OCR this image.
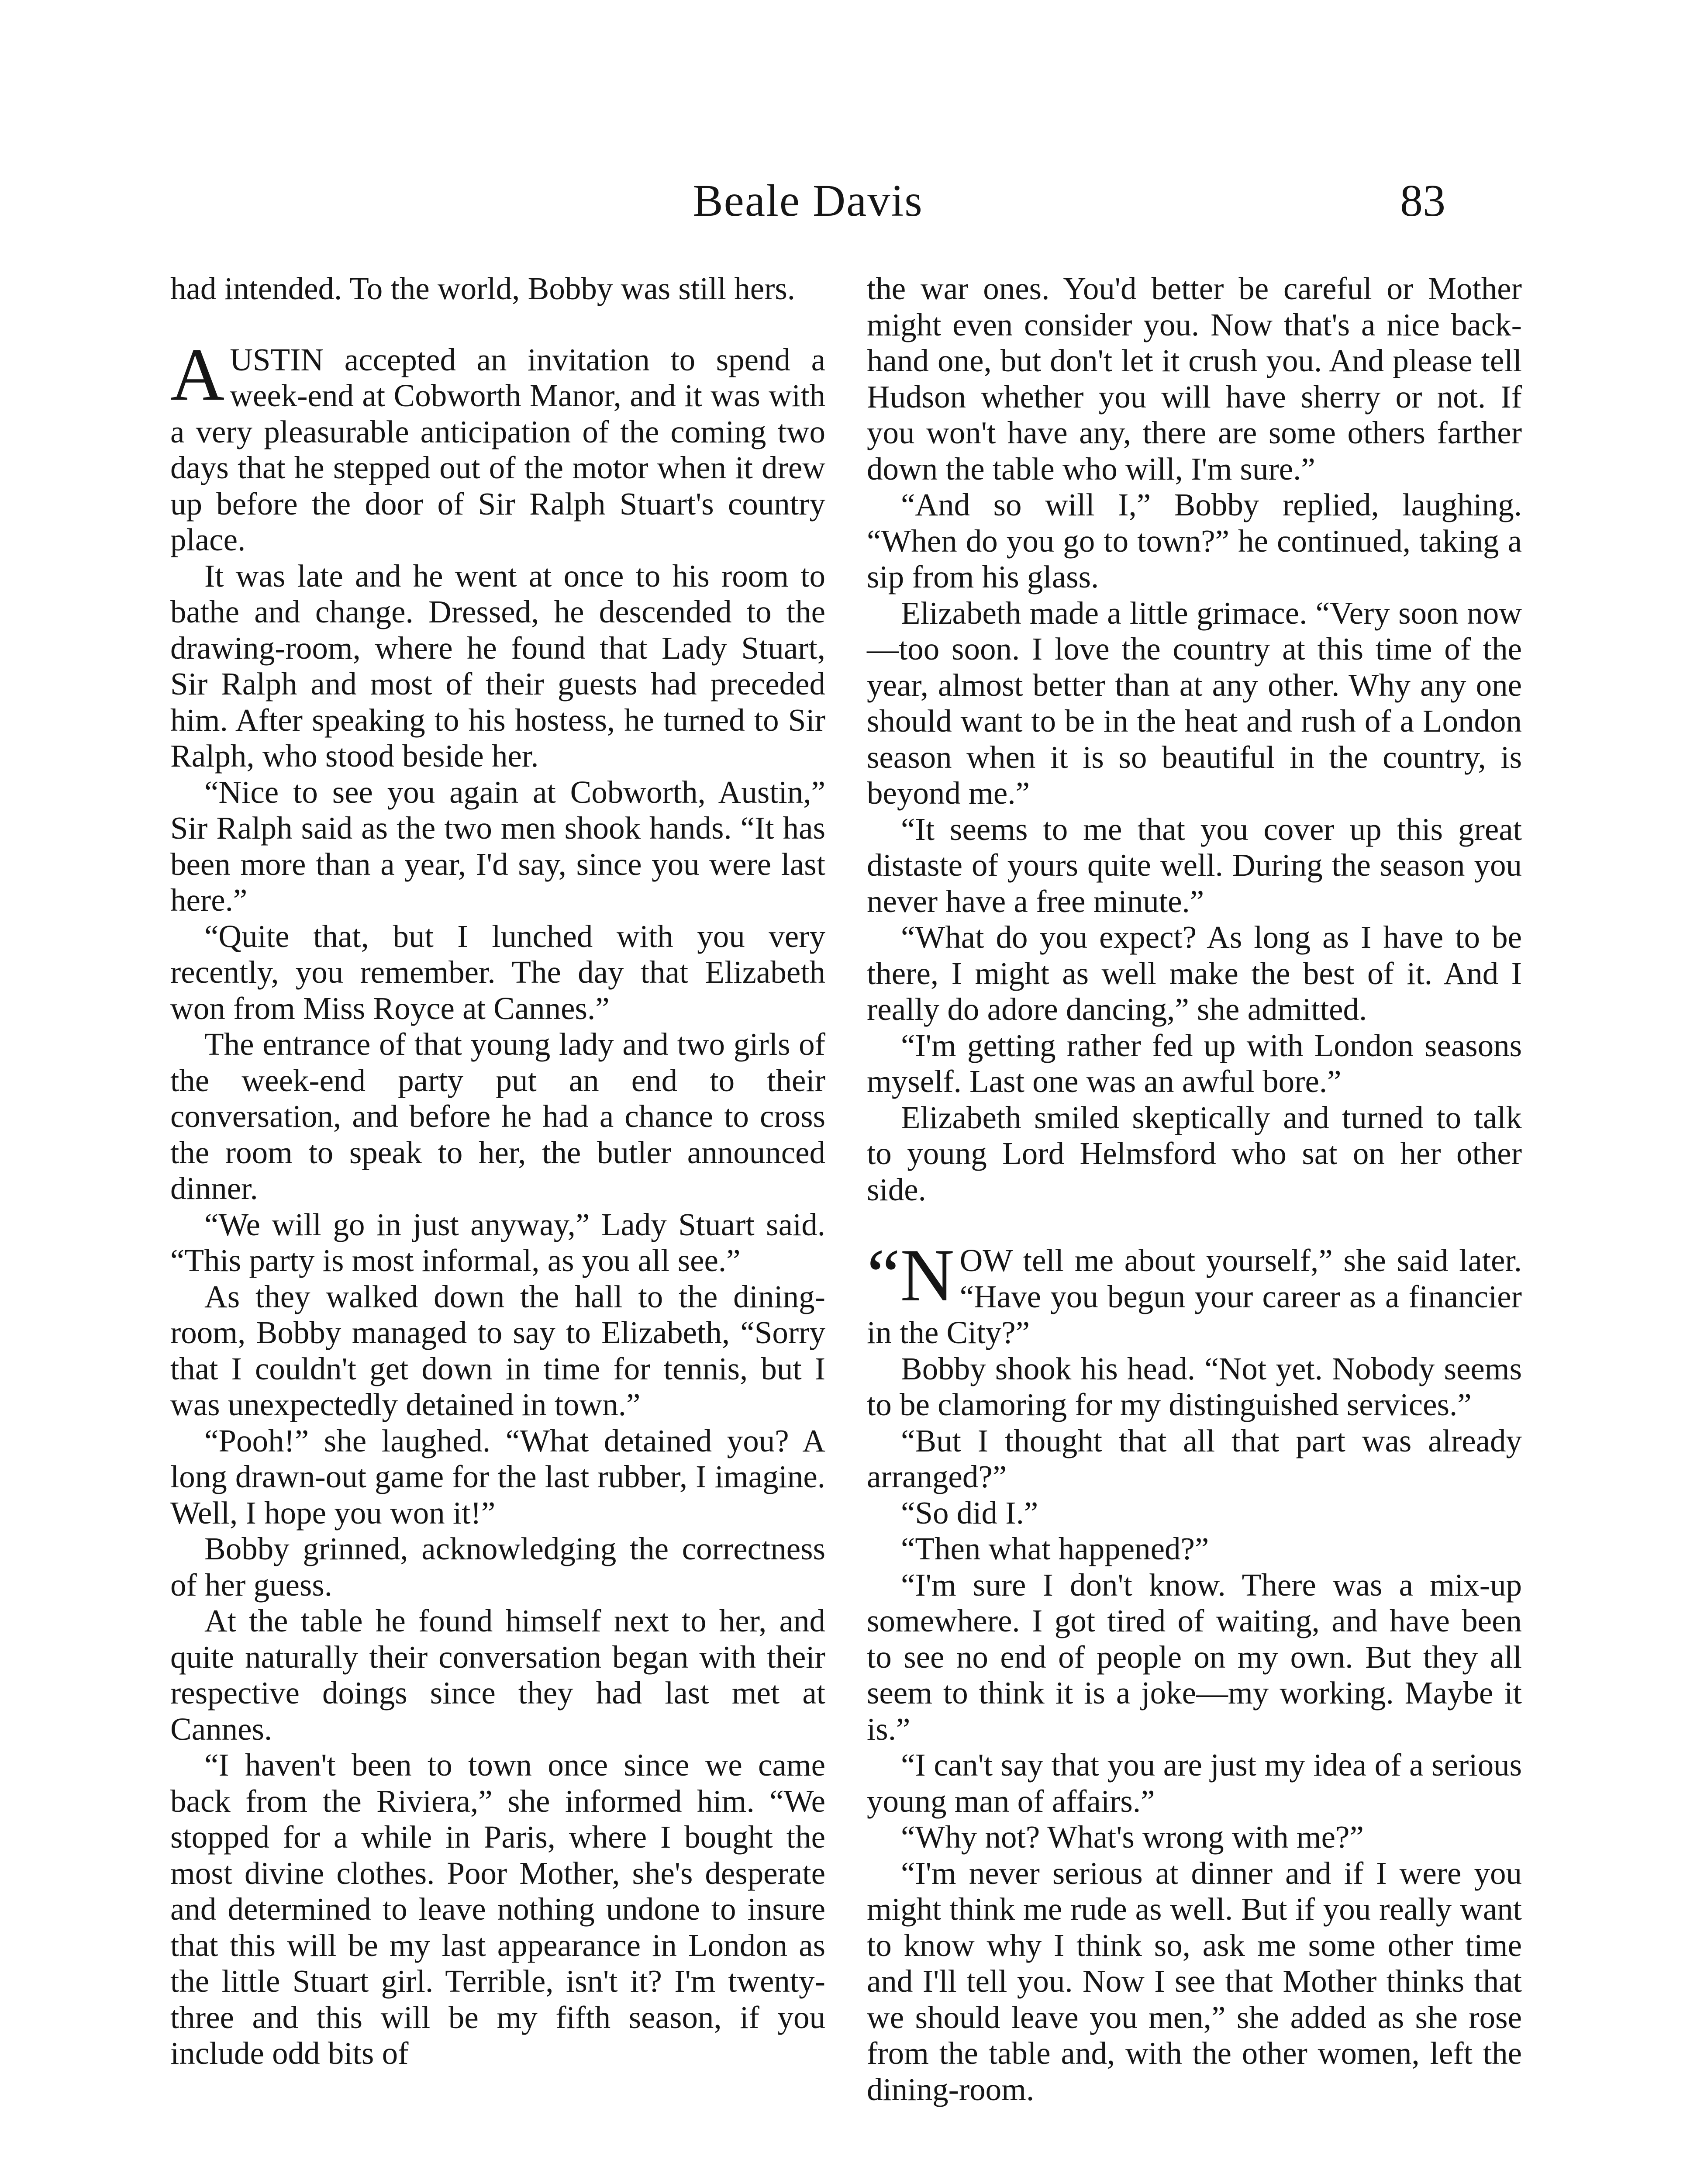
Beale Davis	83

had intended. To the world, Bobby was still hers.

AUSTIN accepted an invitation to spend a week-end at Cobworth Manor, and it was with a very pleasurable anticipation of the coming two days that he stepped out of the motor when it drew up before the door of Sir Ralph Stuart's country place.

It was late and he went at once to his room to bathe and change. Dressed, he descended to the drawing-room, where he found that Lady Stuart, Sir Ralph and most of their guests had preceded him. After speaking to his hostess, he turned to Sir Ralph, who stood beside her.

“Nice to see you again at Cobworth, Austin,” Sir Ralph said as the two men shook hands. “It has been more than a year, I'd say, since you were last here.”

“Quite that, but I lunched with you very recently, you remember. The day that Elizabeth won from Miss Royce at Cannes.”

The entrance of that young lady and two girls of the week-end party put an end to their conversation, and before he had a chance to cross the room to speak to her, the butler announced dinner.

“We will go in just anyway,” Lady Stuart said. “This party is most informal, as you all see.”

As they walked down the hall to the dining-room, Bobby managed to say to Elizabeth, “Sorry that I couldn't get down in time for tennis, but I was unexpectedly detained in town.”

“Pooh!” she laughed. “What detained you? A long drawn-out game for the last rubber, I imagine. Well, I hope you won it!”

Bobby grinned, acknowledging the correctness of her guess.

At the table he found himself next to her, and quite naturally their conversation began with their respective doings since they had last met at Cannes.

“I haven't been to town once since we came back from the Riviera,” she informed him. “We stopped for a while in Paris, where I bought the most divine clothes. Poor Mother, she's desperate and determined to leave nothing undone to insure that this will be my last appearance in London as the little Stuart girl. Terrible, isn't it? I'm twenty-three and this will be my fifth season, if you include odd bits of

the war ones. You'd better be careful or Mother might even consider you. Now that's a nice back-hand one, but don't let it crush you. And please tell Hudson whether you will have sherry or not. If you won't have any, there are some others farther down the table who will, I'm sure.”

“And so will I,” Bobby replied, laughing. “When do you go to town?” he continued, taking a sip from his glass.

Elizabeth made a little grimace. “Very soon now—too soon. I love the country at this time of the year, almost better than at any other. Why any one should want to be in the heat and rush of a London season when it is so beautiful in the country, is beyond me.”

“It seems to me that you cover up this great distaste of yours quite well. During the season you never have a free minute.”

“What do you expect? As long as I have to be there, I might as well make the best of it. And I really do adore dancing,” she admitted.

“I'm getting rather fed up with London seasons myself. Last one was an awful bore.”

Elizabeth smiled skeptically and turned to talk to young Lord Helmsford who sat on her other side.

“NOW tell me about yourself,” she said later. “Have you begun your career as a financier in the City?”

Bobby shook his head. “Not yet. Nobody seems to be clamoring for my distinguished services.”

“But I thought that all that part was already arranged?”

“So did I.”

“Then what happened?”

“I'm sure I don't know. There was a mix-up somewhere. I got tired of waiting, and have been to see no end of people on my own. But they all seem to think it is a joke—my working. Maybe it is.”

“I can't say that you are just my idea of a serious young man of affairs.”

“Why not? What's wrong with me?”

“I'm never serious at dinner and if I were you might think me rude as well. But if you really want to know why I think so, ask me some other time and I'll tell you. Now I see that Mother thinks that we should leave you men,” she added as she rose from the table and, with the other women, left the dining-room.
